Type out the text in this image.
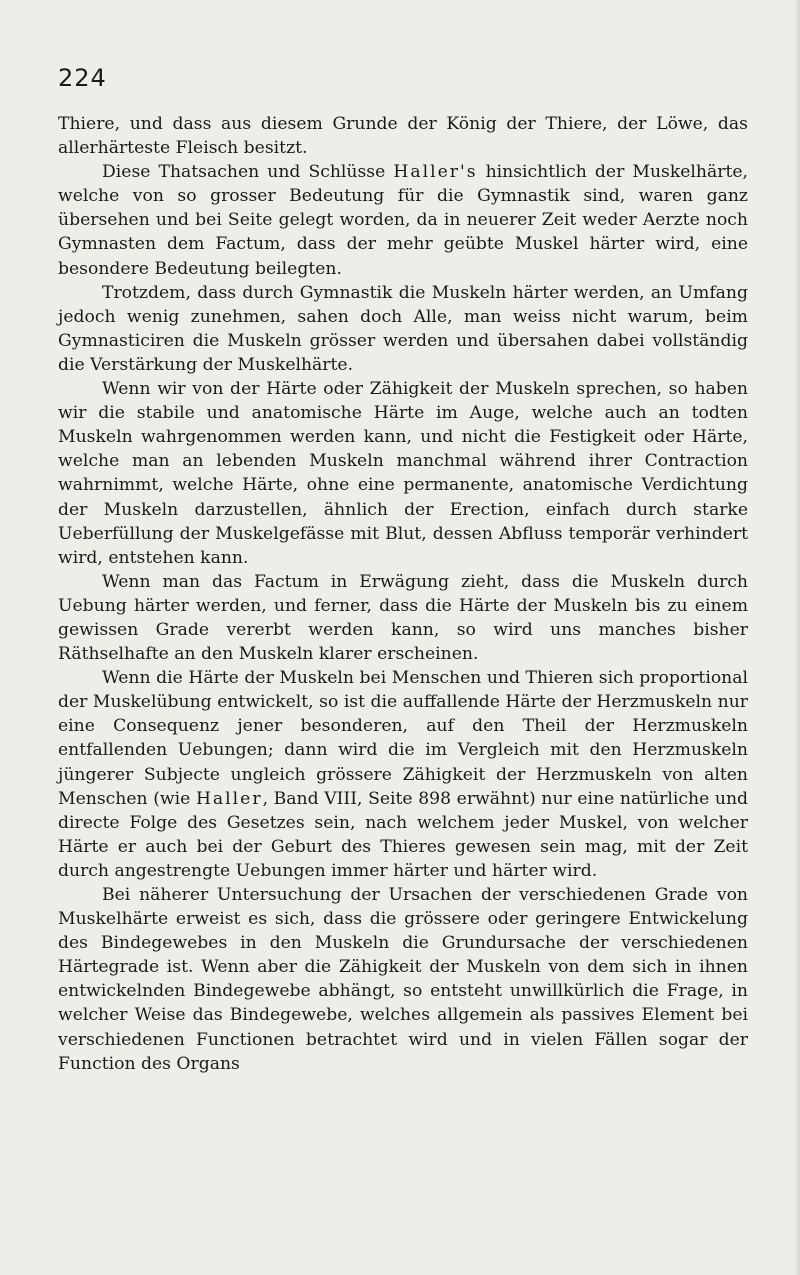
224

Thiere, und dass aus diesem Grunde der König der Thiere, der Löwe, das allerhärteste Fleisch besitzt.

Diese Thatsachen und Schlüsse Haller's hinsichtlich der Muskelhärte, welche von so grosser Bedeutung für die Gymnastik sind, waren ganz übersehen und bei Seite gelegt worden, da in neuerer Zeit weder Aerzte noch Gymnasten dem Factum, dass der mehr geübte Muskel härter wird, eine besondere Bedeutung beilegten.

Trotzdem, dass durch Gymnastik die Muskeln härter werden, an Umfang jedoch wenig zunehmen, sahen doch Alle, man weiss nicht warum, beim Gymnasticiren die Muskeln grösser werden und übersahen dabei vollständig die Verstärkung der Muskelhärte.

Wenn wir von der Härte oder Zähigkeit der Muskeln sprechen, so haben wir die stabile und anatomische Härte im Auge, welche auch an todten Muskeln wahrgenommen werden kann, und nicht die Festigkeit oder Härte, welche man an lebenden Muskeln manchmal während ihrer Contraction wahrnimmt, welche Härte, ohne eine permanente, anatomische Verdichtung der Muskeln darzustellen, ähnlich der Erection, einfach durch starke Ueberfüllung der Muskelgefässe mit Blut, dessen Abfluss temporär verhindert wird, entstehen kann.

Wenn man das Factum in Erwägung zieht, dass die Muskeln durch Uebung härter werden, und ferner, dass die Härte der Muskeln bis zu einem gewissen Grade vererbt werden kann, so wird uns manches bisher Räthselhafte an den Muskeln klarer erscheinen.

Wenn die Härte der Muskeln bei Menschen und Thieren sich proportional der Muskelübung entwickelt, so ist die auffallende Härte der Herzmuskeln nur eine Consequenz jener besonderen, auf den Theil der Herzmuskeln entfallenden Uebungen; dann wird die im Vergleich mit den Herzmuskeln jüngerer Subjecte ungleich grössere Zähigkeit der Herzmuskeln von alten Menschen (wie Haller, Band VIII, Seite 898 erwähnt) nur eine natürliche und directe Folge des Gesetzes sein, nach welchem jeder Muskel, von welcher Härte er auch bei der Geburt des Thieres gewesen sein mag, mit der Zeit durch angestrengte Uebungen immer härter und härter wird.

Bei näherer Untersuchung der Ursachen der verschiedenen Grade von Muskelhärte erweist es sich, dass die grössere oder geringere Entwickelung des Bindegewebes in den Muskeln die Grundursache der verschiedenen Härtegrade ist. Wenn aber die Zähigkeit der Muskeln von dem sich in ihnen entwickelnden Bindegewebe abhängt, so entsteht unwillkürlich die Frage, in welcher Weise das Bindegewebe, welches allgemein als passives Element bei verschiedenen Functionen betrachtet wird und in vielen Fällen sogar der Function des Organs
